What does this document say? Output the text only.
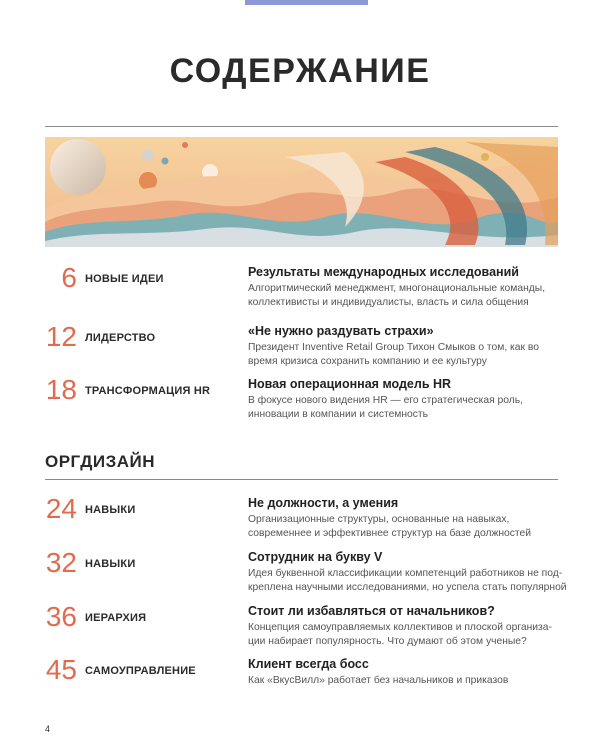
СОДЕРЖАНИЕ
6 НОВЫЕ ИДЕИ	Результаты международных исследований
Алгоритмический менеджмент, многонациональные команды,
коллективисты и индивидуалисты, власть и сила общения
12 ЛИДЕРСТВО	«Не нужно раздувать страхи»
Президент Inventive Retail Group Тихон Смыков о том, как во
время кризиса сохранить компанию и ее культуру
18 ТРАНСФОРМАЦИЯ HR	Новая операционная модель HR
В фокусе нового видения HR — его стратегическая роль,
инновации в компании и системность
ОРГДИЗАЙН
24 НАВЫКИ	Не должности, а умения
Организационные структуры, основанные на навыках,
современнее и эффективнее структур на базе должностей
32 НАВЫКИ	Сотрудник на букву V
Идея буквенной классификации компетенций работников не под-
креплена научными исследованиями, но успела стать популярной
36 ИЕРАРХИЯ	Стоит ли избавляться от начальников?
Концепция самоуправляемых коллективов и плоской организа-
ции набирает популярность. Что думают об этом ученые?
45 САМОУПРАВЛЕНИЕ	Клиент всегда босс
Как «ВкусВилл» работает без начальников и приказов
4
